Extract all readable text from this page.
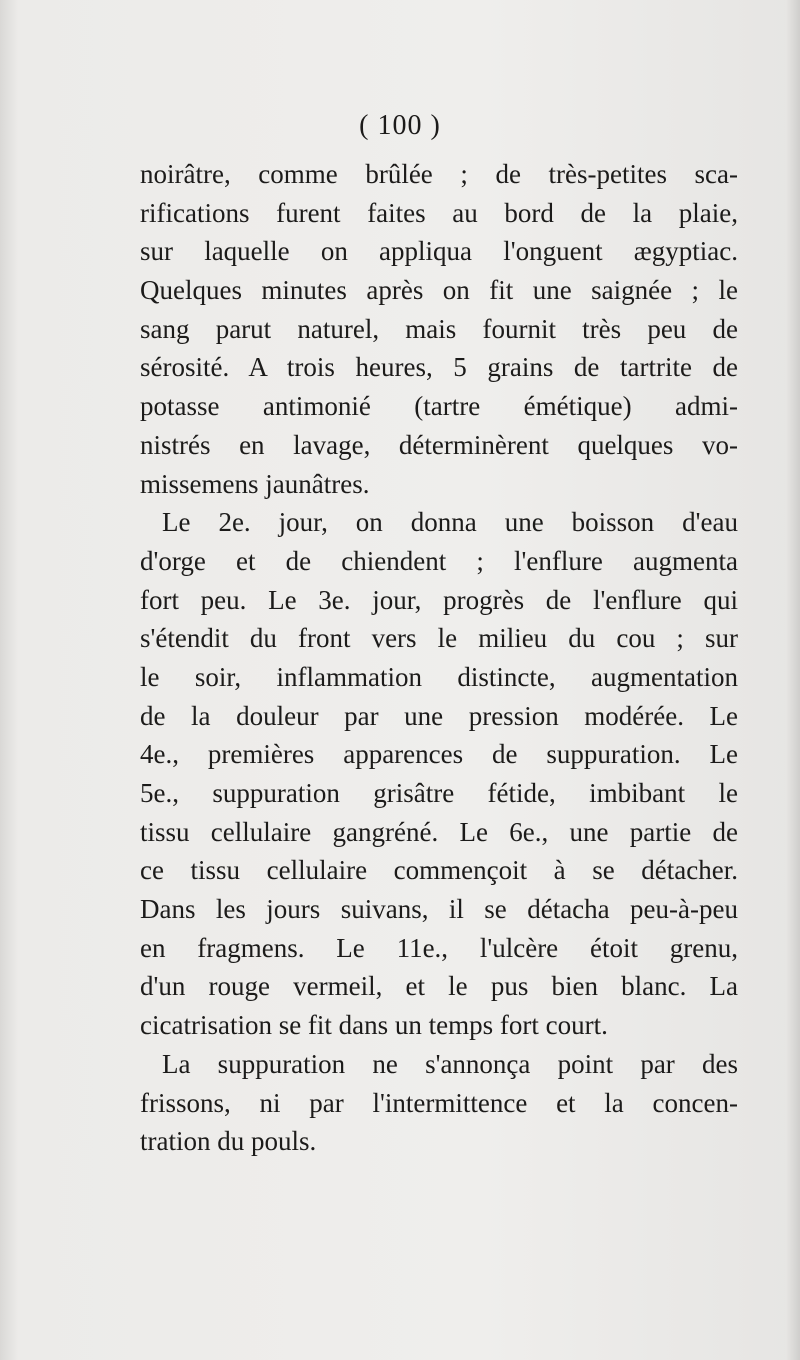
( 100 )
noirâtre, comme brûlée ; de très-petites sca-
rifications furent faites au bord de la plaie,
sur laquelle on appliqua l'onguent ægyptiac.
Quelques minutes après on fit une saignée ; le
sang parut naturel, mais fournit très peu de
sérosité. A trois heures, 5 grains de tartrite de
potasse antimonié (tartre émétique) admi-
nistrés en lavage, déterminèrent quelques vo-
missemens jaunâtres.
Le 2e. jour, on donna une boisson d'eau
d'orge et de chiendent ; l'enflure augmenta
fort peu. Le 3e. jour, progrès de l'enflure qui
s'étendit du front vers le milieu du cou ; sur
le soir, inflammation distincte, augmentation
de la douleur par une pression modérée. Le
4e., premières apparences de suppuration. Le
5e., suppuration grisâtre fétide, imbibant le
tissu cellulaire gangréné. Le 6e., une partie de
ce tissu cellulaire commençoit à se détacher.
Dans les jours suivans, il se détacha peu-à-peu
en fragmens. Le 11e., l'ulcère étoit grenu,
d'un rouge vermeil, et le pus bien blanc. La
cicatrisation se fit dans un temps fort court.
La suppuration ne s'annonça point par des
frissons, ni par l'intermittence et la concen-
tration du pouls.
